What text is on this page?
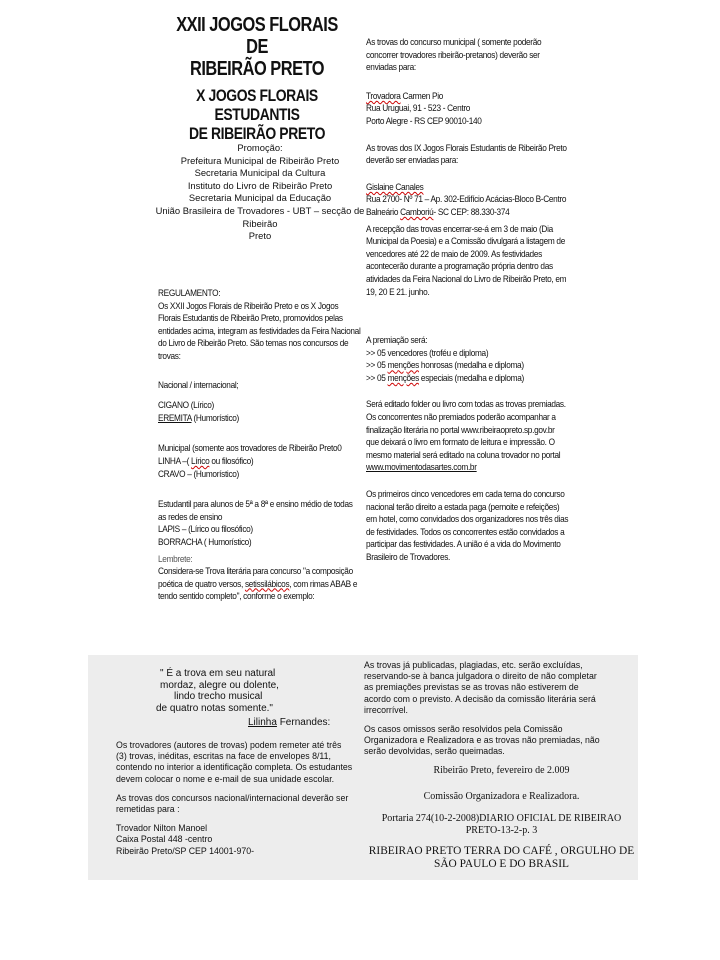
XXII JOGOS FLORAIS DE
RIBEIRÃO PRETO
X JOGOS FLORAIS ESTUDANTIS
DE RIBEIRÃO PRETO
Promoção:
Prefeitura Municipal de Ribeirão Preto
Secretaria Municipal da Cultura
Instituto do Livro de Ribeirão Preto
Secretaria Municipal da Educação
União Brasileira de Trovadores - UBT – secção de Ribeirão
Preto
REGULAMENTO:
Os XXII Jogos Florais de Ribeirão Preto e os X Jogos
Florais Estudantis de Ribeirão Preto, promovidos pelas
entidades acima, integram as festividades da Feira Nacional
do Livro de Ribeirão Preto. São temas nos concursos de
trovas:
Nacional / internacional;
CIGANO (Lírico)
EREMITA (Humorístico)
Municipal (somente aos trovadores de Ribeirão Preto0
LINHA –( Lírico ou filosófico)
CRAVO – (Humorístico)
Estudantil para alunos de 5ª a 8ª e ensino médio de todas
as redes de ensino
LAPIS – (Lírico ou filosófico)
BORRACHA ( Humorístico)
Lembrete:
Considera-se Trova literária para concurso "a composição
poética de quatro versos, setissilábicos, com rimas ABAB e
tendo sentido completo", conforme o exemplo:
" É a trova em seu natural
mordaz, alegre ou dolente,
lindo trecho musical
de quatro notas somente."
Lilinha Fernandes:
Os trovadores (autores de trovas) podem remeter até três
(3) trovas, inéditas, escritas na face de envelopes 8/11,
contendo no interior a identificação completa. Os estudantes
devem colocar o nome e e-mail de sua unidade escolar.
As trovas dos concursos nacional/internacional deverão ser
remetidas para :
Trovador Nilton Manoel
Caixa Postal 448 -centro
Ribeirão Preto/SP CEP 14001-970-
As trovas do concurso municipal ( somente poderão
concorrer trovadores ribeirão-pretanos) deverão ser
enviadas para:
Trovadora Carmen Pio
Rua Uruguai, 91 - 523 - Centro
Porto Alegre - RS CEP 90010-140
As trovas dos IX Jogos Florais Estudantis de Ribeirão Preto
deverão ser enviadas para:
Gislaine Canales
Rua 2700- Nº 71 – Ap. 302-Edifício Acácias-Bloco B-Centro
Balneário Camboriú- SC CEP: 88.330-374
A recepção das trovas encerrar-se-á em 3 de maio (Dia
Municipal da Poesia) e a Comissão divulgará a listagem de
vencedores até 22 de maio de 2009. As festividades
acontecerão durante a programação própria dentro das
atividades da Feira Nacional do Livro de Ribeirão Preto, em
19, 20 E 21. junho.
A premiação será:
>> 05 vencedores (troféu e diploma)
>> 05 menções honrosas (medalha e diploma)
>> 05 menções especiais (medalha e diploma)
Será editado folder ou livro com todas as trovas premiadas.
Os concorrentes não premiados poderão acompanhar a
finalização literária no portal www.ribeiraopreto.sp.gov.br
que deixará o livro em formato de leitura e impressão. O
mesmo material será editado na coluna trovador no portal
www.movimentodasartes.com.br
Os primeiros cinco vencedores em cada tema do concurso
nacional terão direito a estada paga (pernoite e refeições)
em hotel, como convidados dos organizadores nos três dias
de festividades. Todos os concorrentes estão convidados a
participar das festividades. A união é a vida do Movimento
Brasileiro de Trovadores.
As trovas já publicadas, plagiadas, etc. serão excluídas,
reservando-se à banca julgadora o direito de não completar
as premiações previstas se as trovas não estiverem de
acordo com o previsto. A decisão da comissão literária será
irrecorrível.
Os casos omissos serão resolvidos pela Comissão
Organizadora e Realizadora e as trovas não premiadas, não
serão devolvidas, serão queimadas.
Ribeirão Preto, fevereiro de 2.009
Comissão Organizadora e Realizadora.
Portaria 274(10-2-2008)DIARIO OFICIAL DE RIBEIRAO
PRETO-13-2-p. 3
RIBEIRAO PRETO TERRA DO CAFÉ , ORGULHO DE
SÃO PAULO E DO BRASIL
